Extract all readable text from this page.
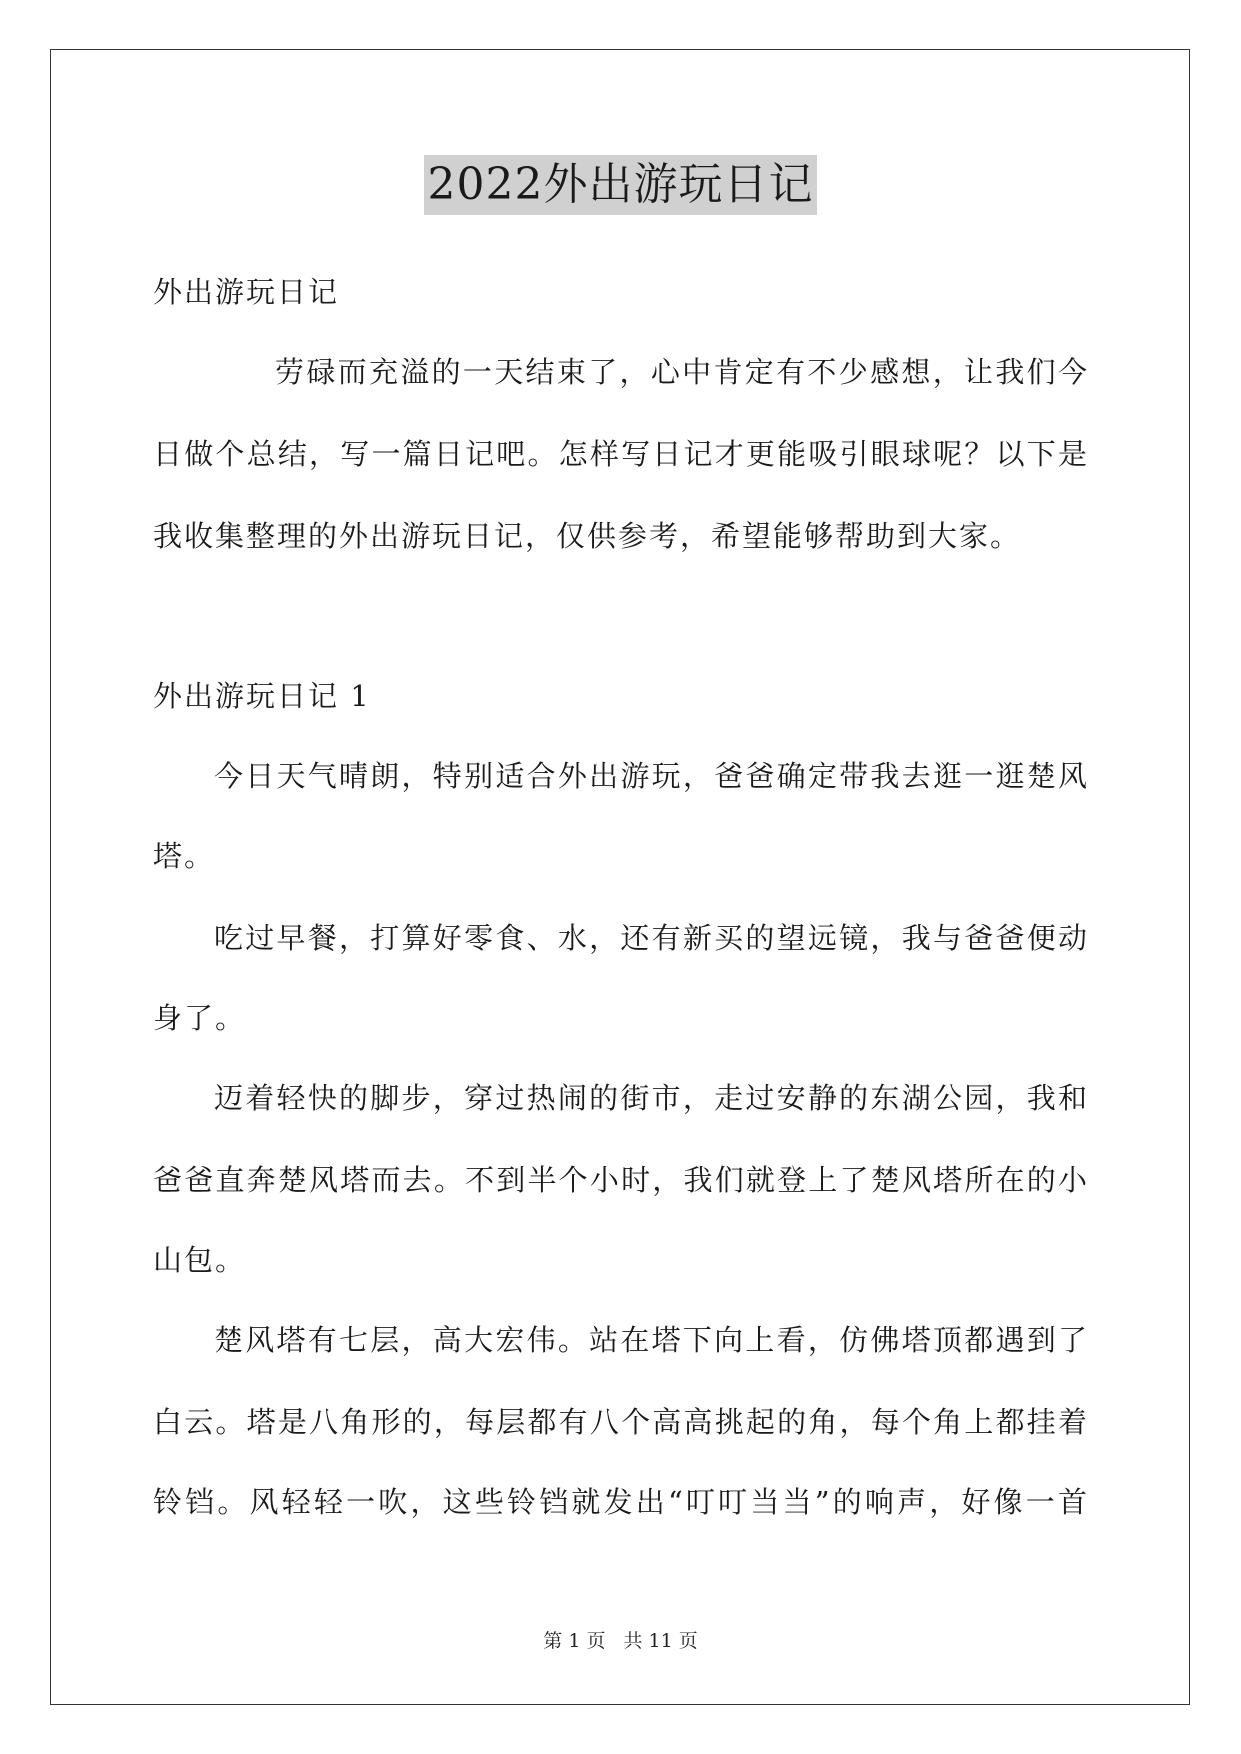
2022外出游玩日记
外出游玩日记
劳碌而充溢的一天结束了，心中肯定有不少感想，让我们今
日做个总结，写一篇日记吧。怎样写日记才更能吸引眼球呢？以下是
我收集整理的外出游玩日记，仅供参考，希望能够帮助到大家。
外出游玩日记 1
今日天气晴朗，特别适合外出游玩，爸爸确定带我去逛一逛楚风
塔。
吃过早餐，打算好零食、水，还有新买的望远镜，我与爸爸便动
身了。
迈着轻快的脚步，穿过热闹的街市，走过安静的东湖公园，我和
爸爸直奔楚风塔而去。不到半个小时，我们就登上了楚风塔所在的小
山包。
楚风塔有七层，高大宏伟。站在塔下向上看，仿佛塔顶都遇到了
白云。塔是八角形的，每层都有八个高高挑起的角，每个角上都挂着
铃铛。风轻轻一吹，这些铃铛就发出“叮叮当当”的响声，好像一首
第 1 页 共 11 页
